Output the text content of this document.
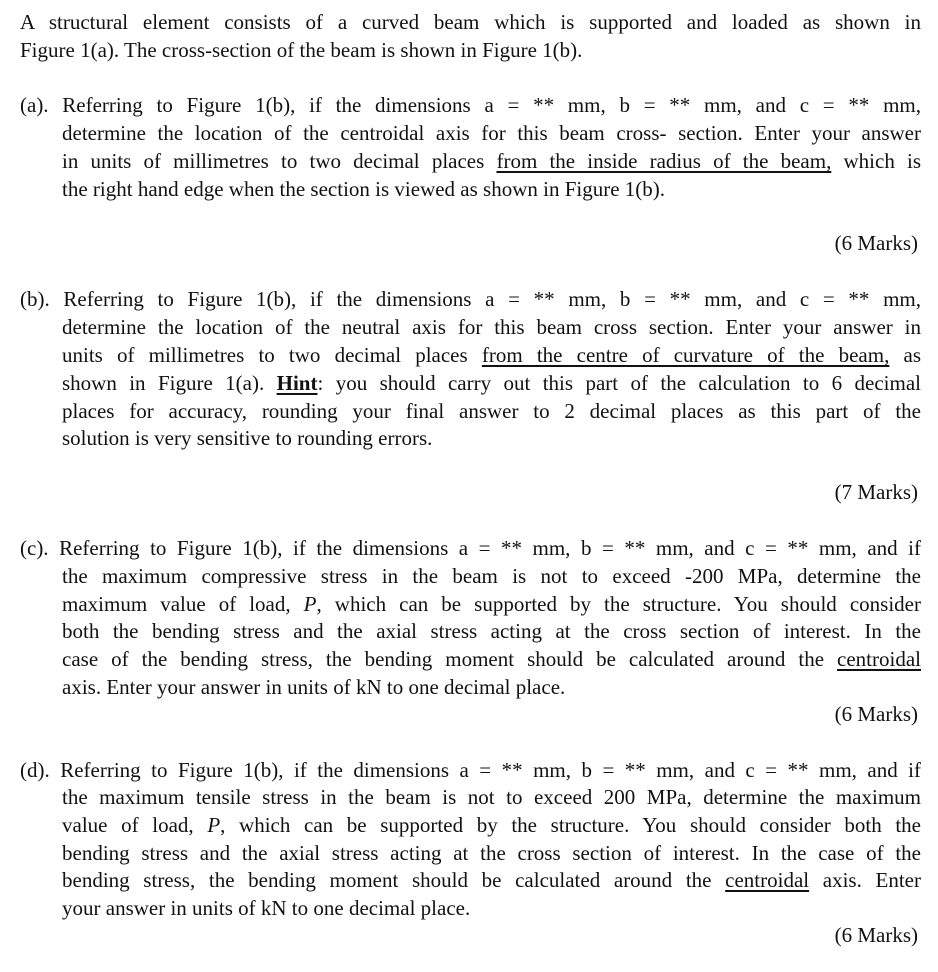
A structural element consists of a curved beam which is supported and loaded as shown in
Figure 1(a). The cross-section of the beam is shown in Figure 1(b).
(a). Referring to Figure 1(b), if the dimensions a = ** mm, b = ** mm, and c = ** mm,
determine the location of the centroidal axis for this beam cross- section. Enter your answer
in units of millimetres to two decimal places from the inside radius of the beam, which is
the right hand edge when the section is viewed as shown in Figure 1(b).
(6 Marks)
(b). Referring to Figure 1(b), if the dimensions a = ** mm, b = ** mm, and c = ** mm,
determine the location of the neutral axis for this beam cross section. Enter your answer in
units of millimetres to two decimal places from the centre of curvature of the beam, as
shown in Figure 1(a). Hint: you should carry out this part of the calculation to 6 decimal
places for accuracy, rounding your final answer to 2 decimal places as this part of the
solution is very sensitive to rounding errors.
(7 Marks)
(c). Referring to Figure 1(b), if the dimensions a = ** mm, b = ** mm, and c = ** mm, and if
the maximum compressive stress in the beam is not to exceed -200 MPa, determine the
maximum value of load, P, which can be supported by the structure. You should consider
both the bending stress and the axial stress acting at the cross section of interest. In the
case of the bending stress, the bending moment should be calculated around the centroidal
axis. Enter your answer in units of kN to one decimal place.
(6 Marks)
(d). Referring to Figure 1(b), if the dimensions a = ** mm, b = ** mm, and c = ** mm, and if
the maximum tensile stress in the beam is not to exceed 200 MPa, determine the maximum
value of load, P, which can be supported by the structure. You should consider both the
bending stress and the axial stress acting at the cross section of interest. In the case of the
bending stress, the bending moment should be calculated around the centroidal axis. Enter
your answer in units of kN to one decimal place.
(6 Marks)
